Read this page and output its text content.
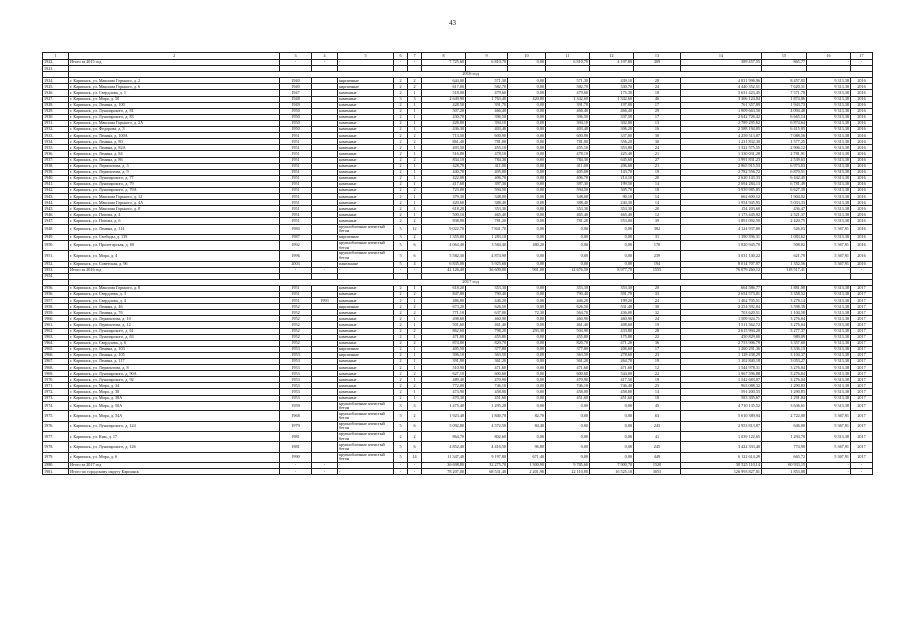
43
1	2	3	4	5	6	7	8	9	10	11	12	13	14	15	16	17
1922.	Итого за 2015 год	-	-	-	-	-	7 725,60	6 810,70	0,00	6 810,70	4 197,80	309	389 457,55	865,77	-	-
1923.																
	2016 год															
1924.	г. Карпинск, ул. Максима Горького, д. 2	1940		кирпичные	2	2	644,00	571,30	0,00	571,30	439,10	28	4 831 996,96	8 457,83	9 313,38	2016
1925.	г. Карпинск, ул. Максима Горького, д. 6	1940		кирпичные	2	2	617,00	582,70	0,00	582,70	330,70	24	4 440 352,51	7 620,31	9 313,38	2016
1926.	г. Карпинск, ул. Свердлова, д. 1	1947		каменные	2	1	518,00	479,60	0,00	479,60	175,30	18	3 631 423,45	7 571,78	9 313,38	2016
1927.	г. Карпинск, ул. Мира, д. 50	1948		каменные	3	3	2 649,90	1 763,40	420,80	1 342,60	1 342,60	46	3 306 124,84	1 874,86	9 313,38	2016
1928.	г. Карпинск, ул. Ленина, д. 100	1949		каменные	2	1	428,50	391,70	0,00	391,70	197,00	17	761 357,89	1 943,73	9 313,38	2016
1929.	г. Карпинск, ул. Луначарского, д. 81	1950		каменные	2	1	507,20	466,40	0,00	466,40	466,40	29	1 909 663,50	4 094,48	9 313,38	2016
1930.	г. Карпинск, ул. Луначарского, д. 83	1950		каменные	2	1	430,70	396,50	0,00	396,50	337,50	17	2 642 726,42	6 665,14	9 313,38	2016
1931.	г. Карпинск, ул. Максима Горького, д. 2А	1950		каменные	2	1	428,80	394,10	0,00	394,10	302,80	13	2 789 295,62	6 874,64	9 313,38	2016
1932.	г. Карпинск, ул. Федорова, д. 3	1950		каменные	2	1	436,30	403,40	0,00	403,40	306,20	16	2 588 194,05	6 415,95	9 313,38	2016
1933.	г. Карпинск, ул. Ленина, д. 100А	1951		каменные	2	2	713,50	600,90	0,00	600,90	337,00	38	4 259 513,87	7 088,56	9 313,38	2016
1934.	г. Карпинск, ул. Ленина, д. 80	1951		каменные	2	2	861,40	781,00	0,00	781,00	556,20	30	1 231 832,30	1 577,25	9 313,38	2016
1935.	г. Карпинск, ул. Ленина, д. 82А	1951		каменные	2	1	493,50	455,10	0,00	455,10	353,80	24	1 322 575,55	2 906,12	9 313,38	2016
1936.	г. Карпинск, ул. Ленина, д. 84	1951		каменные	2	1	516,80	478,10	0,00	478,10	425,40	21	1 330 031,28	2 781,91	9 313,38	2016
1937.	г. Карпинск, ул. Ленина, д. 86	1951		каменные	2	2	834,10	784,30	0,00	784,30	645,60	27	1 991 831,23	2 539,63	9 313,38	2016
1938.	г. Карпинск, ул. Лермонтова, д. 3	1951		каменные	2	1	428,70	411,00	0,00	411,00	206,60	21	2 865 915,53	6 973,03	9 313,38	2016
1939.	г. Карпинск, ул. Лермонтова, д. 9	1951		каменные	2	1	440,70	405,00	0,00	405,00	143,70	19	2 782 556,72	6 870,51	9 313,38	2016
1940.	г. Карпинск, ул. Луначарского, д. 77	1951		каменные	2	1	422,00	406,70	0,00	406,70	214,10	20	2 620 143,33	6 442,45	9 313,38	2016
1941.	г. Карпинск, ул. Луначарского, д. 79	1951		каменные	2	1	417,60	397,30	0,00	397,30	199,50	14	2 694 284,13	6 781,49	9 313,38	2016
1942.	г. Карпинск, ул. Луначарского, д. 79А	1951		каменные	2	2	723,00	594,50	0,00	594,50	305,70	18	3 939 985,85	6 627,39	9 313,38	2016
1943.	г. Карпинск, ул. Максима Горького, д. 12	1951		каменные	2	1	379,30	348,00	0,00	348,00	90,10	14	662 600,12	1 904,02	9 313,38	2016
1944.	г. Карпинск, ул. Максима Горького, д. 4А	1951		каменные	2	1	420,60	388,40	0,00	388,40	240,30	14	1 954 945,95	5 033,33	9 313,38	2016
1945.	г. Карпинск, ул. Максима Горького, д. 8	1951		каменные	2	1	618,20	353,30	0,00	353,30	353,30	20	154 203,60	436,47	9 313,38	2016
1946.	г. Карпинск, ул. Попова, д. 4	1951		каменные	2	1	500,10	465,40	0,00	465,40	465,40	12	1 173 445,92	2 521,37	9 313,38	2016
1947.	г. Карпинск, ул. Попова, д. 6	1951		каменные	2	2	838,90	781,20	0,00	781,20	553,00	39	1 891 092,50	2 420,75	9 313,38	2016
1948.	г. Карпинск, ул. Ленина, д. 114	1984		крупноблочные ячеистый бетон	5	12	9 022,70	7 841,70	0,00	0,00	0,00	382	4 124 937,00	526,03	5 367,91	2016
1949.	г. Карпинск, ул. Свободы, д. 139	1987		кирпичные	3	2	1 355,00	1 283,10	0,00	0,00	0,00	31	1 390 396,31	1 083,62	9 313,38	2016
1950.	г. Карпинск, ул. Пролетарская, д. 69	1992		крупноблочные ячеистый бетон	5	6	4 064,40	3 584,40	480,20	0,00	0,00	170	1 820 945,70	508,02	5 367,91	2016
1951.	г. Карпинск, ул. Мира, д. 4	1996		крупноблочные ячеистый бетон	5	6	5 582,30	4 874,90	0,00	0,00	0,00	239	3 031 140,22	621,79	5 367,91	2016
1952.	г. Карпинск, ул. Советская, д. 96	2003		панельные	5	4	6 835,00	5 925,60	0,00	0,00	0,00	194	8 014 707,97	1 352,56	5 367,91	2016
1953.	Итого за 2016 год	-	-	-	-	-	42 126,40	36 609,00	901,00	12 676,50	8 977,70	1555	76 079 260,12	118 517,41	-	-
1954.																
	2017 год															
1956.	г. Карпинск, ул. Максима Горького, д. 8	1951		каменные	2	1	618,20	353,30	0,00	353,30	353,30	20	664 586,77	1 881,08	9 313,38	2017
1956.	г. Карпинск, ул. Свердлова, д. 3	1951		каменные	2	2	847,80	790,40	0,00	790,40	591,70	33	2 654 573,01	3 358,52	9 313,38	2017
1957.	г. Карпинск, ул. Свердлова, д. 4	1951	1993	каменные	2	1	486,80	446,20	0,00	446,20	199,20	24	1 462 705,51	3 278,14	9 313,38	2017
1958.	г. Карпинск, ул. Ленина, д. 46	1952		кирпичные	2	2	673,20	626,50	0,00	626,50	531,40	30	2 254 392,84	3 598,39	9 313,38	2017
1959.	г. Карпинск, ул. Ленина, д. 76	1952		каменные	2	2	771,10	637,00	72,30	564,70	436,00	32	703 620,51	1 104,58	9 313,38	2017
1960.	г. Карпинск, ул. Лермонтова, д. 10	1952		каменные	2	1	498,60	460,90	0,00	460,90	460,90	24	1 509 924,71	3 276,04	9 313,38	2017
1961.	г. Карпинск, ул. Лермонтова, д. 12	1952		каменные	2	1	501,60	461,40	0,00	461,40	408,60	19	1 511 562,72	3 276,04	9 313,38	2017
1962.	г. Карпинск, ул. Луначарского, д. 61	1952		каменные	2	2	862,60	798,20	293,30	504,90	433,80	28	2 615 994,20	3 277,37	9 313,38	2017
1963.	г. Карпинск, ул. Луначарского, д. 63	1952		каменные	2	1	471,00	455,80	0,00	455,80	175,80	22	450 829,00	989,09	9 313,38	2017
1964.	г. Карпинск, ул. Свердлова, д. 6	1952		каменные	2	2	874,80	820,70	0,00	820,70	471,20	36	2 753 906,79	3 357,60	9 313,38	2017
1965.	г. Карпинск, ул. Ленина, д. 103	1953		кирпичные	2	1	405,50	377,80	0,00	377,80	206,60	17	1 260 291,36	3 336,13	9 313,38	2017
1966.	г. Карпинск, ул. Ленина, д. 105	1953		кирпичные	2	1	396,10	363,50	0,00	363,50	278,60	23	1 128 438,29	3 104,37	9 313,38	2017
1967.	г. Карпинск, ул. Ленина, д. 117	1953		каменные	2	1	391,90	361,20	0,00	361,20	264,70	19	1 102 840,18	3 053,27	9 313,38	2017
1968.	г. Карпинск, ул. Лермонтова, д. 8	1953		каменные	2	1	510,90	471,60	0,00	471,60	471,60	12	1 544 978,31	3 276,04	9 313,38	2017
1969.	г. Карпинск, ул. Луначарского, д. 90А	1953		каменные	2	2	627,10	600,60	0,00	600,60	544,00	22	1 967 596,88	3 276,04	9 313,38	2017
1970.	г. Карпинск, ул. Луначарского, д. 92	1953		каменные	2	1	489,40	470,90	0,00	470,90	417,50	19	1 542 683,07	3 276,04	9 313,38	2017
1971.	г. Карпинск, ул. Мира, д. 34	1953		каменные	2	2	772,00	746,10	0,00	746,10	746,40	23	963 088,32	1 290,83	9 313,38	2017
1972.	г. Карпинск, ул. Мира, д. 38	1953		каменные	2	1	473,90	458,00	0,00	458,00	458,00	14	591 200,33	1 290,83	9 313,38	2017
1973.	г. Карпинск, ул. Мира, д. 38А	1953		каменные	2	1	470,30	451,60	0,00	451,60	451,60	18	583 395,67	1 291,84	9 313,38	2017
1974.	г. Карпинск, ул. Мира, д. 50А	1959		крупноблочные ячеистый бетон	3	3	1 475,40	1 295,20	0,00	0,00	0,00	45	4 710 135,52	3 636,61	9 313,38	2017
1975.	г. Карпинск, ул. Мира, д. 54А	1968		крупноблочные ячеистый бетон	5	2	1 923,40	1 840,70	82,70	0,00	0,00	63	5 010 389,94	2 722,00	5 367,91	2017
1976.	г. Карпинск, ул. Луначарского, д. 124	1979		крупноблочные ячеистый бетон	5	6	5 092,80	4 572,50	84,40	0,00	0,00	243	2 953 813,87	646,00	5 367,91	2017
1977.	г. Карпинск, ул. Ким, д. 17	1981		крупноблочные ячеистый бетон	2	2	864,70	802,60	0,00	0,00	0,00	41	1 039 122,65	1 294,70	9 313,38	2017
1978.	г. Карпинск, ул. Луначарского, д. 126	1981		крупноблочные ячеистый бетон	5	6	4 852,40	4 416,50	96,80	0,00	0,00	245	3 422 333,40	774,90	5 367,91	2017
1979.	г. Карпинск, ул. Мира, д. 6	1990		крупноблочные ячеистый бетон	5	14	11 347,40	9 197,80	671,40	0,00	0,00	449	6 122 614,29	665,72	5 367,91	2017
1980.	Итого за 2017 год	-	-	-	-	-	36 698,80	32 275,70	1 300,90	9 785,60	7 900,70	1520	50 525 110,14	60 933,15	-	-
1981.	Итого по городскому округу Карпинск	-	-	-	-	-	78 207,00	68 531,40	2 201,90	22 110,80	16 525,10	3055	126 993 827,81	1 853,08	-	-
